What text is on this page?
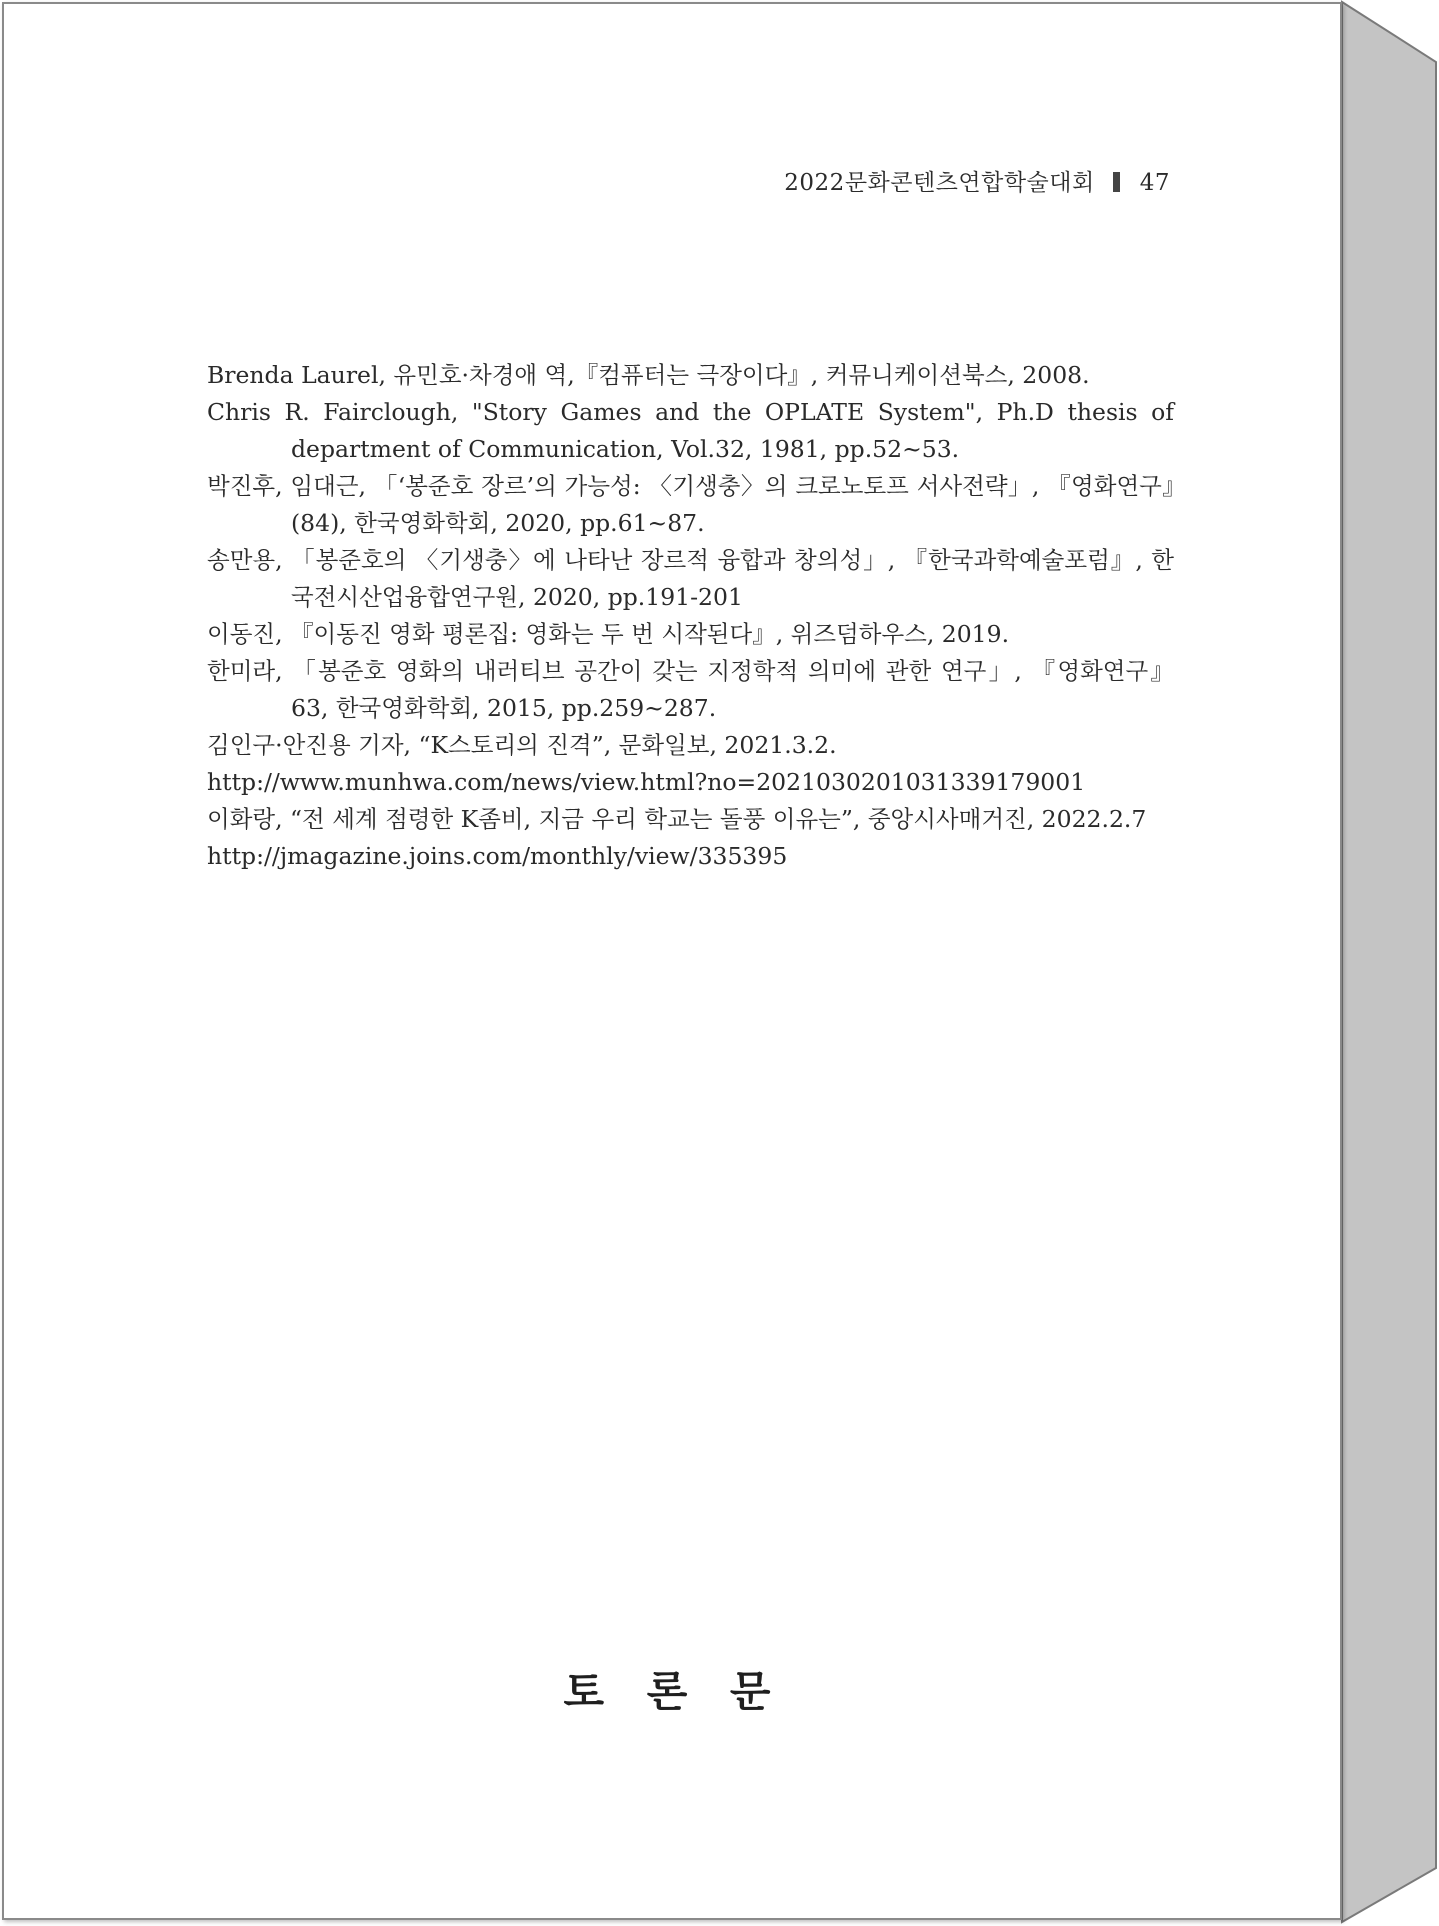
2022문화콘텐츠연합학술대회 47

Brenda Laurel, 유민호·차경애 역,『컴퓨터는 극장이다』, 커뮤니케이션북스, 2008.

Chris R. Fairclough, "Story Games and the OPLATE System", Ph.D thesis of department of Communication, Vol.32, 1981, pp.52~53.

박진후, 임대근, 「‘봉준호 장르’의 가능성: 〈기생충〉의 크로노토프 서사전략」, 『영화연구』(84), 한국영화학회, 2020, pp.61~87.

송만용, 「봉준호의 〈기생충〉에 나타난 장르적 융합과 창의성」, 『한국과학예술포럼』, 한국전시산업융합연구원, 2020, pp.191-201

이동진, 『이동진 영화 평론집: 영화는 두 번 시작된다』, 위즈덤하우스, 2019.

한미라, 「봉준호 영화의 내러티브 공간이 갖는 지정학적 의미에 관한 연구」, 『영화연구』63, 한국영화학회, 2015, pp.259~287.

김인구·안진용 기자, “K스토리의 진격”, 문화일보, 2021.3.2.

http://www.munhwa.com/news/view.html?no=2021030201031339179001

이화랑, “전 세계 점령한 K좀비, 지금 우리 학교는 돌풍 이유는”, 중앙시사매거진, 2022.2.7

http://jmagazine.joins.com/monthly/view/335395

토 론 문
